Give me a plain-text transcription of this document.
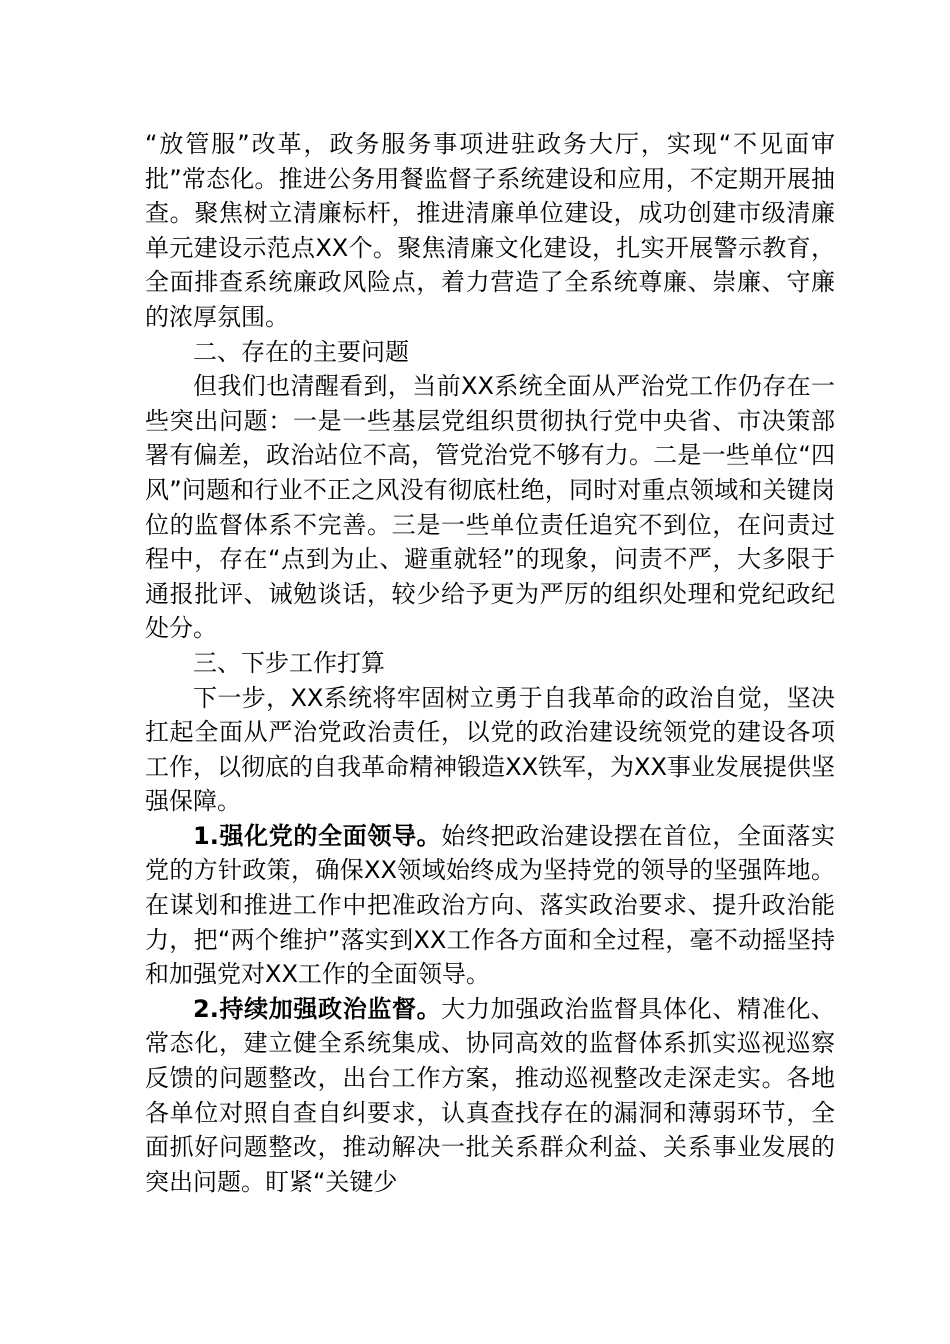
“放管服”改革，政务服务事项进驻政务大厅，实现“不见面审批”常态化。推进公务用餐监督子系统建设和应用，不定期开展抽查。聚焦树立清廉标杆，推进清廉单位建设，成功创建市级清廉单元建设示范点XX个。聚焦清廉文化建设，扎实开展警示教育，全面排查系统廉政风险点，着力营造了全系统尊廉、崇廉、守廉的浓厚氛围。

二、存在的主要问题

但我们也清醒看到，当前XX系统全面从严治党工作仍存在一些突出问题：一是一些基层党组织贯彻执行党中央省、市决策部署有偏差，政治站位不高，管党治党不够有力。二是一些单位“四风”问题和行业不正之风没有彻底杜绝，同时对重点领域和关键岗位的监督体系不完善。三是一些单位责任追究不到位，在问责过程中，存在“点到为止、避重就轻”的现象，问责不严，大多限于通报批评、诫勉谈话，较少给予更为严厉的组织处理和党纪政纪处分。

三、下步工作打算

下一步，XX系统将牢固树立勇于自我革命的政治自觉，坚决扛起全面从严治党政治责任，以党的政治建设统领党的建设各项工作，以彻底的自我革命精神锻造XX铁军，为XX事业发展提供坚强保障。

1.强化党的全面领导。始终把政治建设摆在首位，全面落实党的方针政策，确保XX领域始终成为坚持党的领导的坚强阵地。在谋划和推进工作中把准政治方向、落实政治要求、提升政治能力，把“两个维护”落实到XX工作各方面和全过程，毫不动摇坚持和加强党对XX工作的全面领导。

2.持续加强政治监督。大力加强政治监督具体化、精准化、常态化，建立健全系统集成、协同高效的监督体系抓实巡视巡察反馈的问题整改，出台工作方案，推动巡视整改走深走实。各地各单位对照自查自纠要求，认真查找存在的漏洞和薄弱环节，全面抓好问题整改，推动解决一批关系群众利益、关系事业发展的突出问题。盯紧“关键少
